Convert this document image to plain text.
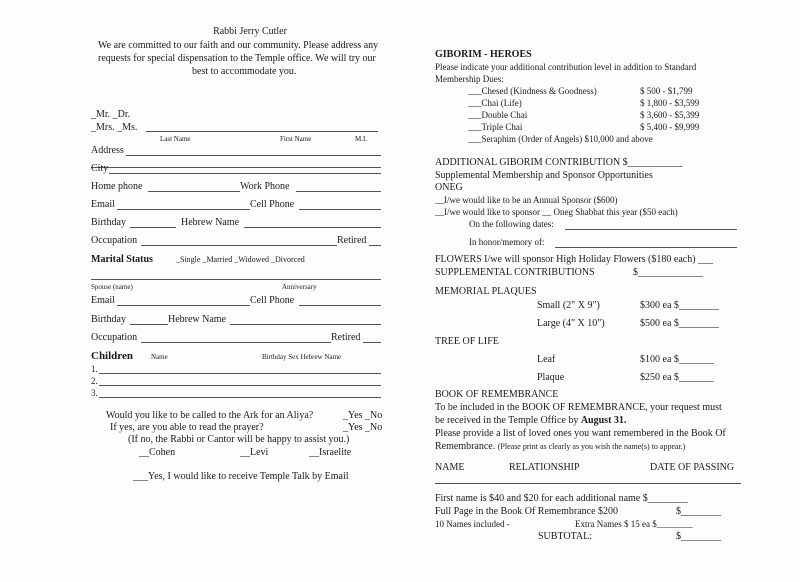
Rabbi Jerry Cutler
We are committed to our faith and our community. Please address any
requests for special dispensation to the Temple office. We will try our
best to accommodate you.
_Mr. _Dr.
_Mrs. _Ms.
Last Name	First Name	M.I.
Address
City
Home phone	Work Phone
Email	Cell Phone
Birthday	Hebrew Name
Occupation	Retired
Marital Status	_Single _Married _Widowed _Divorced
Spouse (name)	Anniversary
Email	Cell Phone
Birthday	Hebrew Name
Occupation	Retired
Children	Name	Birthday Sex Hebrew Name
1.
2.
3.
Would you like to be called to the Ark for an Aliya?	_Yes _No
If yes, are you able to read the prayer?	_Yes _No
(If no, the Rabbi or Cantor will be happy to assist you.)
__Cohen	__Levi	__Israelite
___Yes, I would like to receive Temple Talk by Email
GIBORIM - HEROES
Please indicate your additional contribution level in addition to Standard
Membership Dues:
___Chesed (Kindness & Goodness)	$ 500 - $1,799
___Chai (Life)	$ 1,800 - $3,599
___Double Chai	$ 3,600 - $5,399
___Triple Chai	$ 5,400 - $9,999
___Seraphim (Order of Angels) $10,000 and above
ADDITIONAL GIBORIM CONTRIBUTION $___________
Supplemental Membership and Sponsor Opportunities
ONEG
__I/we would like to be an Annual Sponsor ($600)
__I/we would like to sponsor __ Oneg Shabbat this year ($50 each)
On the following dates:
In honor/memory of:
FLOWERS I/we will sponsor High Holiday Flowers ($180 each) ___
SUPPLEMENTAL CONTRIBUTIONS	$_____________
MEMORIAL PLAQUES
Small (2" X 9")	$300 ea $________
Large (4" X 10")	$500 ea $________
TREE OF LIFE
Leaf	$100 ea $_______
Plaque	$250 ea $_______
BOOK OF REMEMBRANCE
To be included in the BOOK OF REMEMBRANCE, your request must
be received in the Temple Office by August 31.
Please provide a list of loved ones you want remembered in the Book Of
Remembrance. (Please print as clearly as you wish the name(s) to appear.)
NAME	RELATIONSHIP	DATE OF PASSING
First name is $40 and $20 for each additional name $________
Full Page in the Book Of Remembrance $200	$________
10 Names included -	Extra Names $ 15 ea $________
SUBTOTAL:	$________
